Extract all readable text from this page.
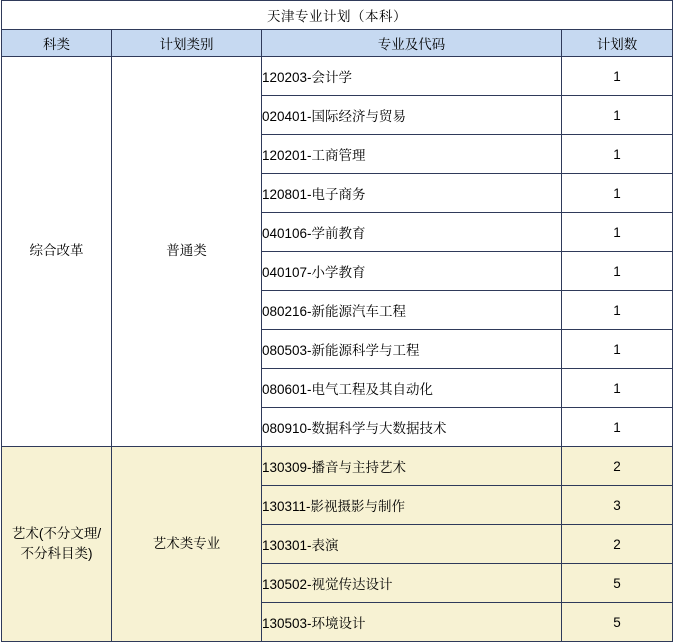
天津专业计划（本科）			
科类	计划类别	专业及代码	计划数
综合改革	普通类	120203-会计学	1
		020401-国际经济与贸易	1
		120201-工商管理	1
		120801-电子商务	1
		040106-学前教育	1
		040107-小学教育	1
		080216-新能源汽车工程	1
		080503-新能源科学与工程	1
		080601-电气工程及其自动化	1
		080910-数据科学与大数据技术	1
艺术(不分文理/
不分科目类)	艺术类专业	130309-播音与主持艺术	2
		130311-影视摄影与制作	3
		130301-表演	2
		130502-视觉传达设计	5
		130503-环境设计	5
